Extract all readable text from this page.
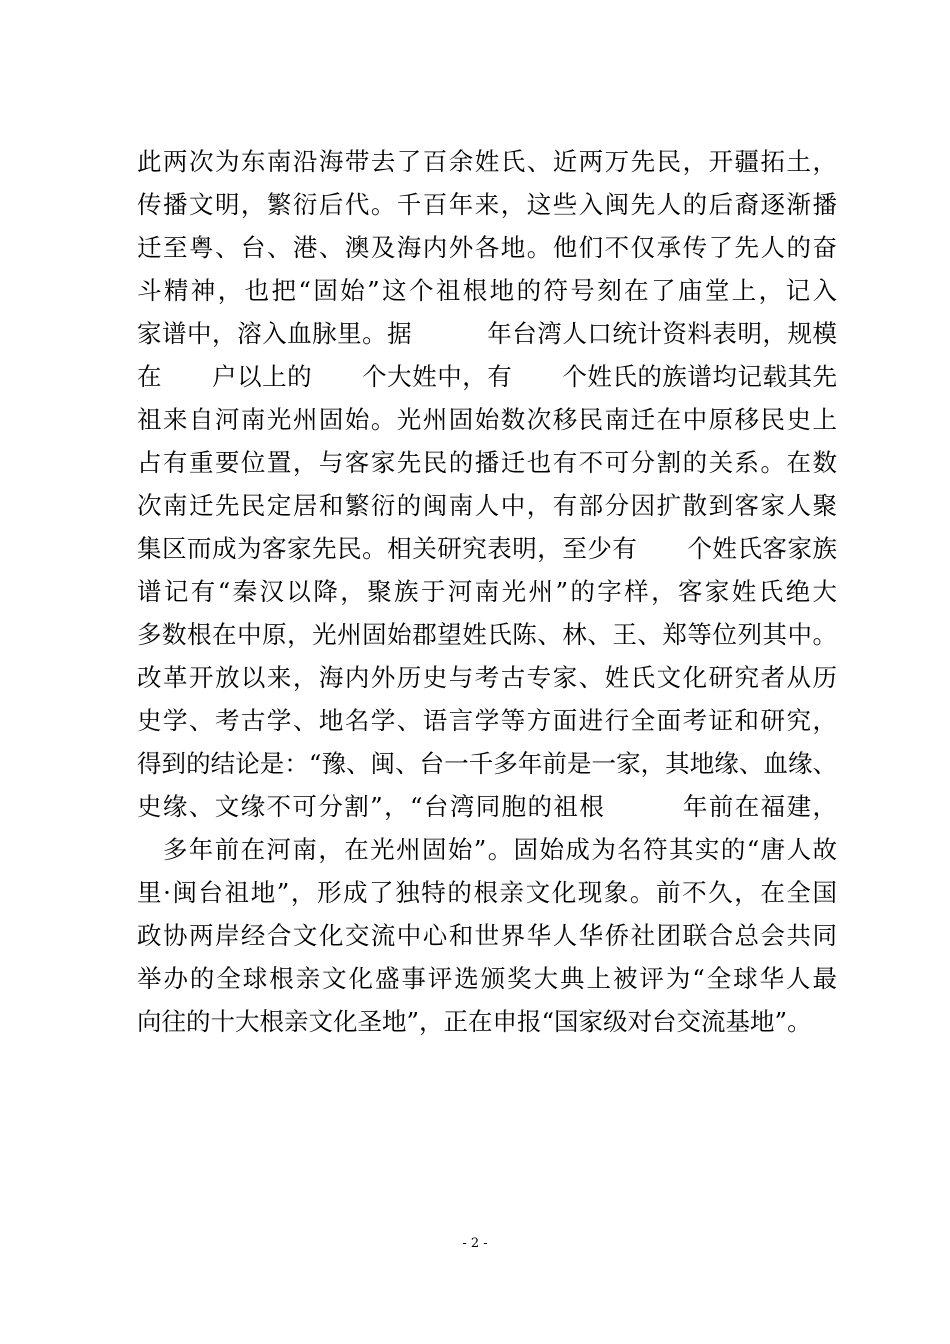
此两次为东南沿海带去了百余姓氏、近两万先民，开疆拓土，
传播文明，繁衍后代。千百年来，这些入闽先人的后裔逐渐播
迁至粤、台、港、澳及海内外各地。他们不仅承传了先人的奋
斗精神，也把“固始”这个祖根地的符号刻在了庙堂上，记入
家谱中，溶入血脉里。据　　　年台湾人口统计资料表明，规模
在　　户以上的　　个大姓中，有　　个姓氏的族谱均记载其先
祖来自河南光州固始。光州固始数次移民南迁在中原移民史上
占有重要位置，与客家先民的播迁也有不可分割的关系。在数
次南迁先民定居和繁衍的闽南人中，有部分因扩散到客家人聚
集区而成为客家先民。相关研究表明，至少有　　个姓氏客家族
谱记有“秦汉以降，聚族于河南光州”的字样，客家姓氏绝大
多数根在中原，光州固始郡望姓氏陈、林、王、郑等位列其中。
改革开放以来，海内外历史与考古专家、姓氏文化研究者从历
史学、考古学、地名学、语言学等方面进行全面考证和研究，
得到的结论是：“豫、闽、台一千多年前是一家，其地缘、血缘、
史缘、文缘不可分割”，“台湾同胞的祖根　　　年前在福建，
　多年前在河南，在光州固始”。固始成为名符其实的“唐人故
里·闽台祖地”，形成了独特的根亲文化现象。前不久，在全国
政协两岸经合文化交流中心和世界华人华侨社团联合总会共同
举办的全球根亲文化盛事评选颁奖大典上被评为“全球华人最
向往的十大根亲文化圣地”，正在申报“国家级对台交流基地”。
- 2 -
